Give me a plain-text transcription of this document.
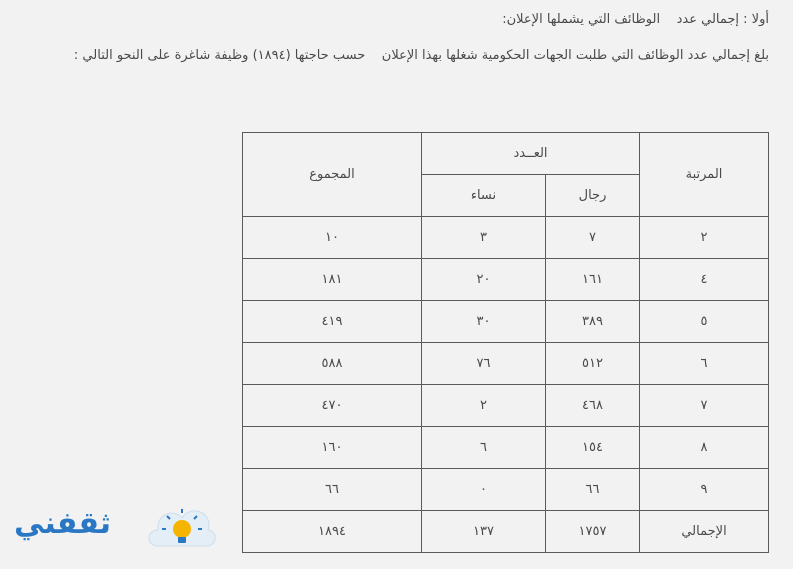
أولا : إجمالي عدد    الوظائف التي يشملها الإعلان:
بلغ إجمالي عدد الوظائف التي طلبت الجهات الحكومية شغلها بهذا الإعلان    حسب حاجتها (١٨٩٤) وظيفة شاغرة على النحو التالي :
المرتبة	العــدد		المجموع
	رجال	نساء	
٢	٧	٣	١٠
٤	١٦١	٢٠	١٨١
٥	٣٨٩	٣٠	٤١٩
٦	٥١٢	٧٦	٥٨٨
٧	٤٦٨	٢	٤٧٠
٨	١٥٤	٦	١٦٠
٩	٦٦	٠	٦٦
الإجمالي	١٧٥٧	١٣٧	١٨٩٤
ثقفني
